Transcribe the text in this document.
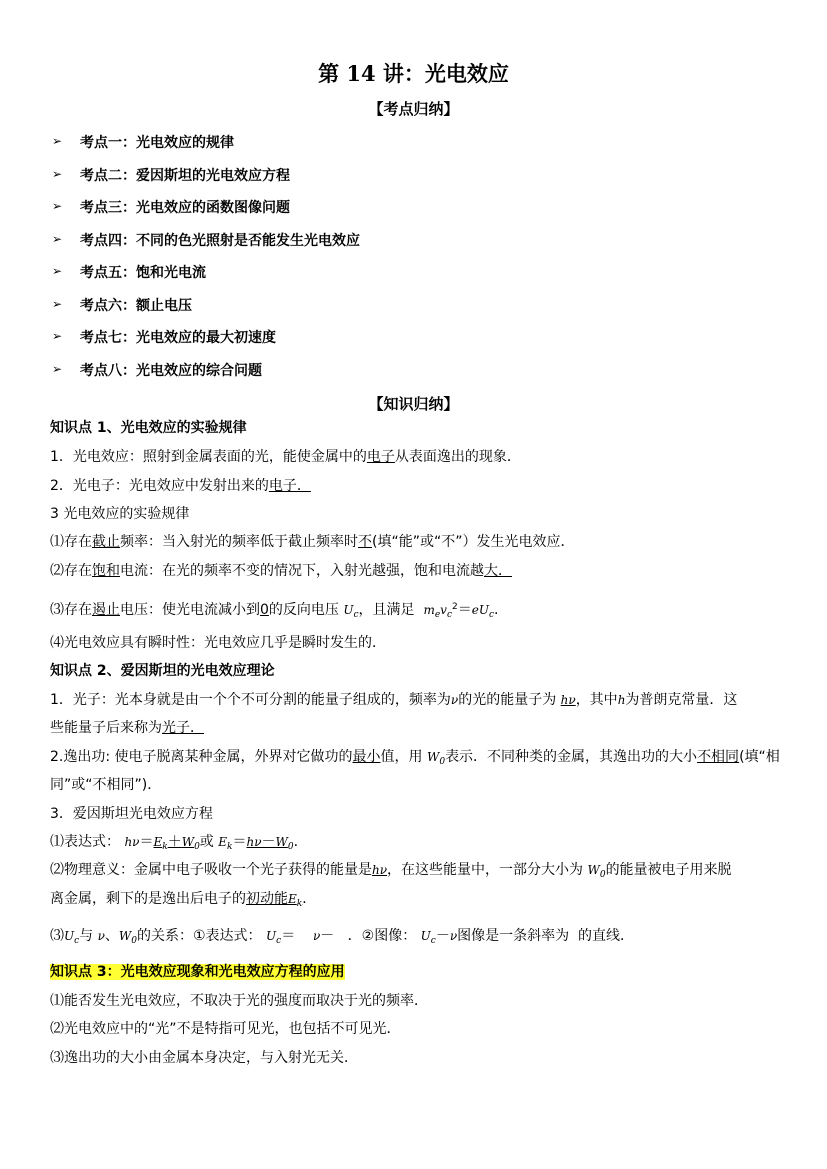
第 14 讲：光电效应
【考点归纳】
➢	考点一：光电效应的规律
➢	考点二：爱因斯坦的光电效应方程
➢	考点三：光电效应的函数图像问题
➢	考点四：不同的色光照射是否能发生光电效应
➢	考点五：饱和光电流
➢	考点六：额止电压
➢	考点七：光电效应的最大初速度
➢	考点八：光电效应的综合问题
【知识归纳】
知识点 1、光电效应的实验规律
1．光电效应：照射到金属表面的光，能使金属中的电子从表面逸出的现象．
2．光电子：光电效应中发射出来的电子．
3 光电效应的实验规律
⑴存在截止频率：当入射光的频率低于截止频率时不(填“能”或“不”）发生光电效应．
⑵存在饱和电流：在光的频率不变的情况下，入射光越强，饱和电流越大．
⑶存在遏止电压：使光电流减小到0的反向电压 $U_c$，且满足 $m_ev_c^2=eU_c$.
⑷光电效应具有瞬时性：光电效应几乎是瞬时发生的．
知识点 2、爱因斯坦的光电效应理论
1．光子：光本身就是由一个个不可分割的能量子组成的，频率为ν的光的能量子为 hν，其中h为普朗克常量．这
些能量子后来称为光子．
2.逸出功: 使电子脱离某种金属，外界对它做功的最小值，用 $W_0$表示．不同种类的金属，其逸出功的大小不相同(填“相
同”或“不相同”)．
3．爱因斯坦光电效应方程
⑴表达式： $h\nu=E_k+W_0$或 $E_k=h\nu-W_0$.
⑵物理意义：金属中电子吸收一个光子获得的能量是hν，在这些能量中，一部分大小为 $W_0$的能量被电子用来脱
离金属，剩下的是逸出后电子的初动能$E_k$．
$⑶U_c$与 ν、$W_0$的关系：①表达式： $U_c= \nu-$ ．②图像： $U_c-\nu$图像是一条斜率为 的直线．
知识点 3：光电效应现象和光电效应方程的应用
⑴能否发生光电效应，不取决于光的强度而取决于光的频率．
⑵光电效应中的“光”不是特指可见光，也包括不可见光．
⑶逸出功的大小由金属本身决定，与入射光无关．
